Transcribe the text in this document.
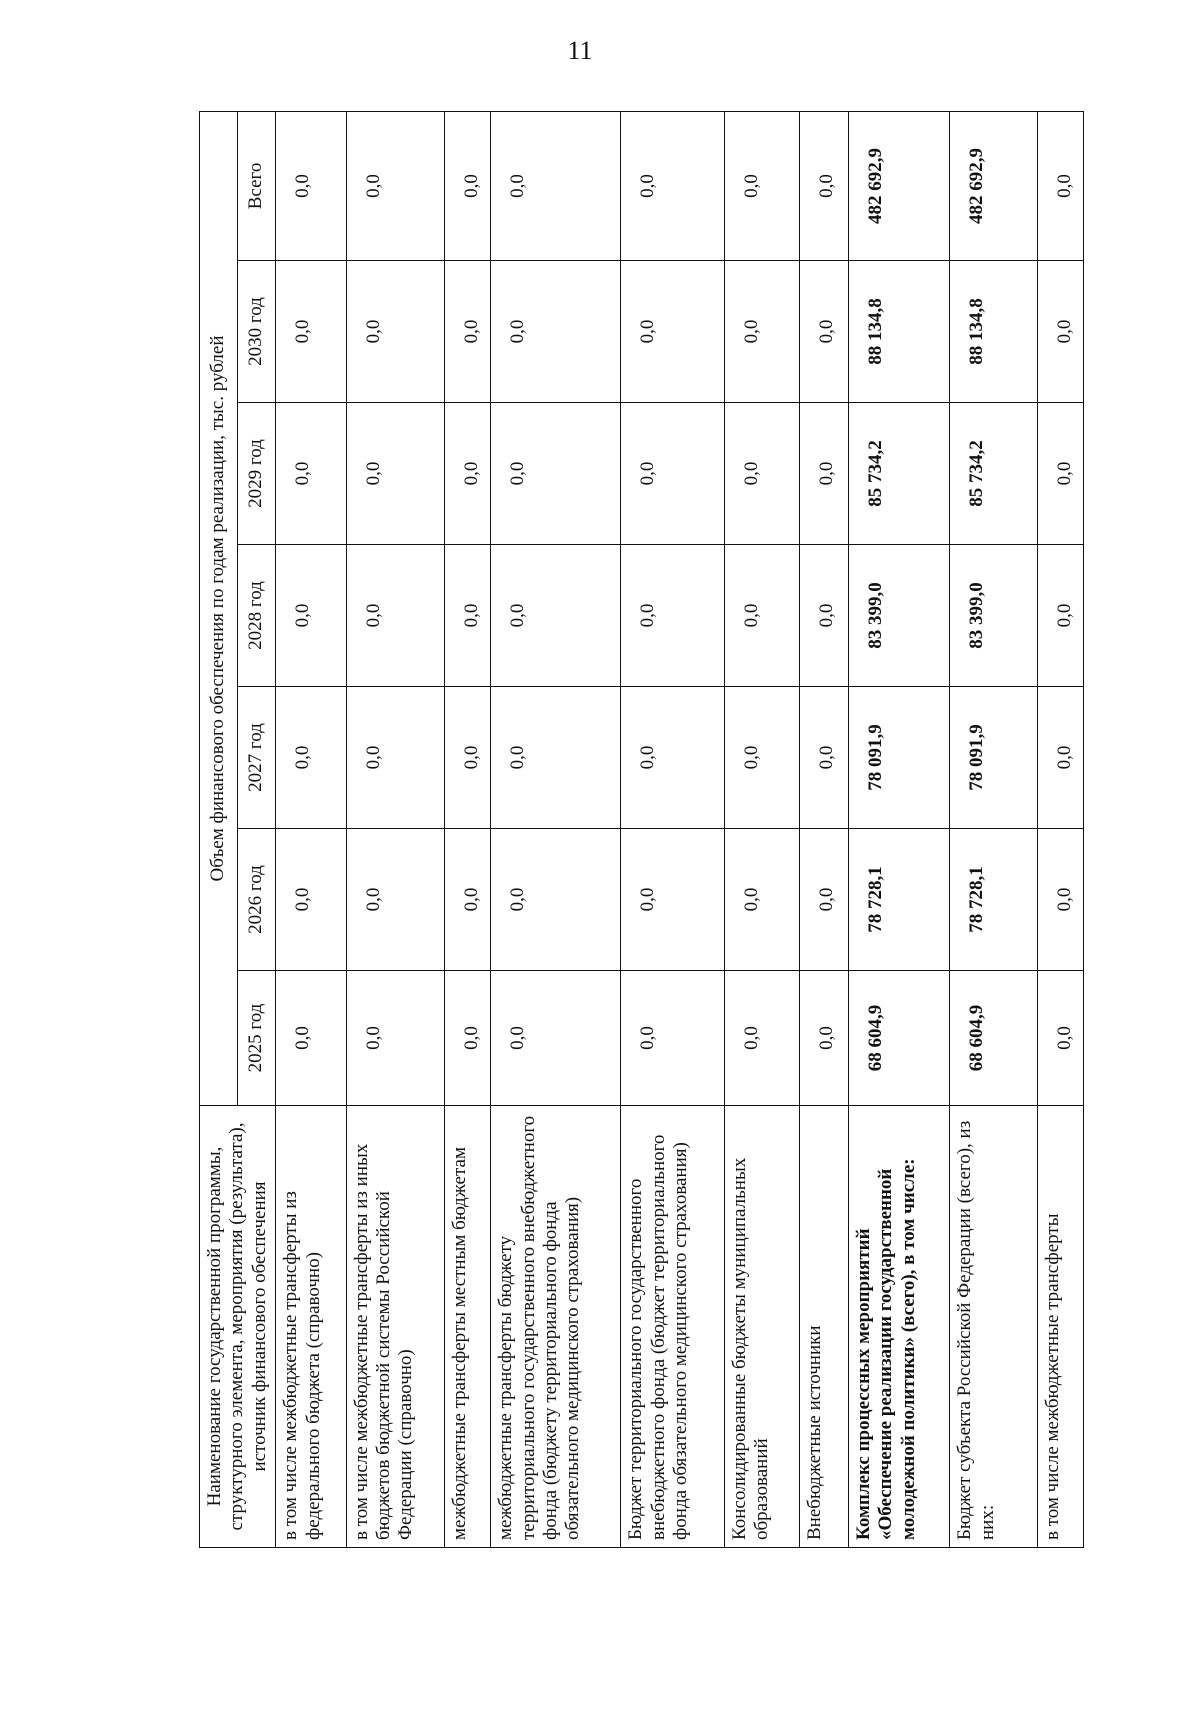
11
Наименование государственной программы, структурного элемента, мероприятия (результата), источник финансового обеспечения	Объем финансового обеспечения по годам реализации, тыс. рублей						
	2025 год	2026 год	2027 год	2028 год	2029 год	2030 год	Всего
в том числе межбюджетные трансферты из федерального бюджета (справочно)	0,0	0,0	0,0	0,0	0,0	0,0	0,0
в том числе межбюджетные трансферты из иных бюджетов бюджетной системы Российской Федерации (справочно)	0,0	0,0	0,0	0,0	0,0	0,0	0,0
межбюджетные трансферты местным бюджетам	0,0	0,0	0,0	0,0	0,0	0,0	0,0
межбюджетные трансферты бюджету территориального государственного внебюджетного фонда (бюджету территориального фонда обязательного медицинского страхования)	0,0	0,0	0,0	0,0	0,0	0,0	0,0
Бюджет территориального государственного внебюджетного фонда (бюджет территориального фонда обязательного медицинского страхования)	0,0	0,0	0,0	0,0	0,0	0,0	0,0
Консолидированные бюджеты муниципальных образований	0,0	0,0	0,0	0,0	0,0	0,0	0,0
Внебюджетные источники	0,0	0,0	0,0	0,0	0,0	0,0	0,0
Комплекс процессных мероприятий «Обеспечение реализации государственной молодежной политики» (всего), в том числе:	68 604,9	78 728,1	78 091,9	83 399,0	85 734,2	88 134,8	482 692,9
Бюджет субъекта Российской Федерации (всего), из них:	68 604,9	78 728,1	78 091,9	83 399,0	85 734,2	88 134,8	482 692,9
в том числе межбюджетные трансферты	0,0	0,0	0,0	0,0	0,0	0,0	0,0
